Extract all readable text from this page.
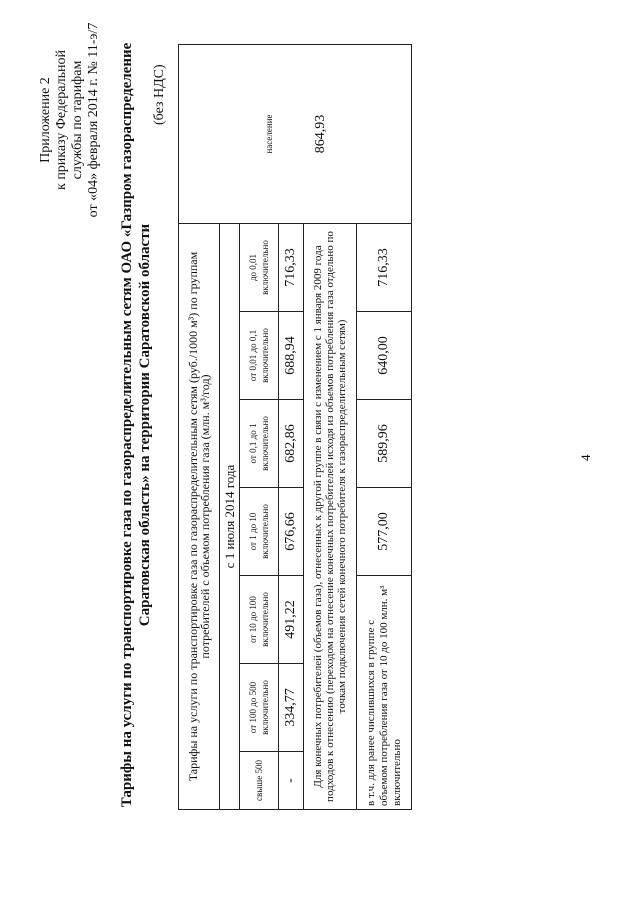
Приложение 2 к приказу Федеральной службы по тарифам от «04» февраля 2014 г. № 11-э/7 Тарифы на услуги по транспортировке газа по газораспределительным сетям ОАО «Газпром газораспределение Саратовская область» на территории Саратовской области
(без НДС)
Тарифы на услуги по транспортировке газа по газораспределительным сетям (руб./1000 м³) по группам потребителей с объемом потребления газа (млн. м³/год)							население 864,93

с 1 июля 2014 года							
свыше 500	от 100 до 500 включительно	от 10 до 100 включительно	от 1 до 10 включительно	от 0,1 до 1 включительно	от 0,01 до 0,1 включительно	до 0,01 включительно	
-	334,77	491,22	676,66	682,86	688,94	716,33	
Для конечных потребителей (объемов газа), отнесенных к другой группе в связи с изменением с 1 января 2009 года подходов к отнесению (переходом на отнесение конечных потребителей исходя из объемов потребления газа отдельно по точкам подключения сетей конечного потребителя к газораспределительным сетям)							
в т.ч. для ранее числившихся в группе с объемом потребления газа от 10 до 100 млн. м³ включительно			577,00	589,96	640,00	716,33	
4
